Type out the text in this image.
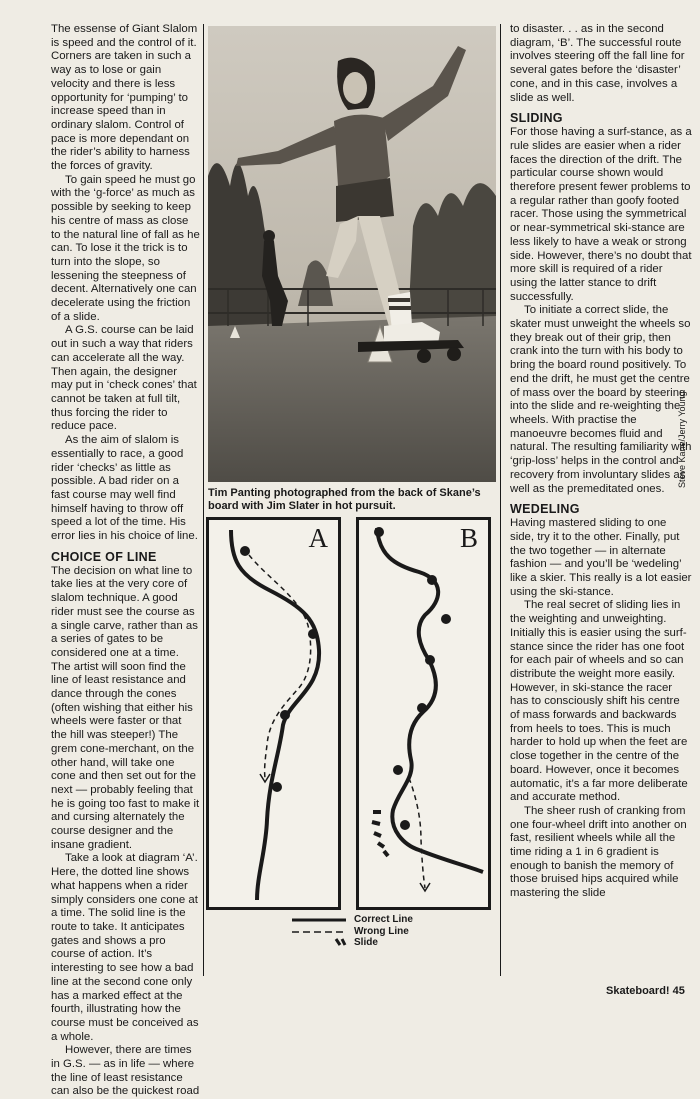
The essense of Giant Slalom is speed and the control of it. Corners are taken in such a way as to lose or gain velocity and there is less opportunity for ‘pumping’ to increase speed than in ordinary slalom. Control of pace is more dependant on the rider’s ability to harness the forces of gravity.

To gain speed he must go with the ‘g-force’ as much as possible by seeking to keep his centre of mass as close to the natural line of fall as he can. To lose it the trick is to turn into the slope, so lessening the steepness of decent. Alternatively one can decelerate using the friction of a slide.

A G.S. course can be laid out in such a way that riders can accelerate all the way. Then again, the designer may put in ‘check cones’ that cannot be taken at full tilt, thus forcing the rider to reduce pace.

As the aim of slalom is essentially to race, a good rider ‘checks’ as little as possible. A bad rider on a fast course may well find himself having to throw off speed a lot of the time. His error lies in his choice of line.

CHOICE OF LINE

The decision on what line to take lies at the very core of slalom technique. A good rider must see the course as a single carve, rather than as a series of gates to be considered one at a time. The artist will soon find the line of least resistance and dance through the cones (often wishing that either his wheels were faster or that the hill was steeper!) The grem cone-merchant, on the other hand, will take one cone and then set out for the next — probably feeling that he is going too fast to make it and cursing alternately the course designer and the insane gradient.

Take a look at diagram ‘A’. Here, the dotted line shows what happens when a rider simply considers one cone at a time. The solid line is the route to take. It anticipates gates and shows a pro course of action. It’s interesting to see how a bad line at the second cone only has a marked effect at the fourth, illustrating how the course must be conceived as a whole.

However, there are times in G.S. — as in life — where the line of least resistance can also be the quickest road

Tim Panting photographed from the back of Skane’s board with Jim Slater in hot pursuit.
A	B
Correct Line
Wrong Line
Slide

to disaster. . . as in the second diagram, ‘B’. The successful route involves steering off the fall line for several gates before the ‘disaster’ cone, and in this case, involves a slide as well.

SLIDING

For those having a surf-stance, as a rule slides are easier when a rider faces the direction of the drift. The particular course shown would therefore present fewer problems to a regular rather than goofy footed racer. Those using the symmetrical or near-symmetrical ski-stance are less likely to have a weak or strong side. However, there’s no doubt that more skill is required of a rider using the latter stance to drift successfully.

To initiate a correct slide, the skater must unweight the wheels so they break out of their grip, then crank into the turn with his body to bring the board round positively. To end the drift, he must get the centre of mass over the board by steering into the slide and re-weighting the wheels. With practise the manoeuvre becomes fluid and natural. The resulting familiarity with ‘grip-loss’ helps in the control and recovery from involuntary slides as well as the premeditated ones.

WEDELING

Having mastered sliding to one side, try it to the other. Finally, put the two together — in alternate fashion — and you’ll be ‘wedeling’ like a skier. This really is a lot easier using the ski-stance.

The real secret of sliding lies in the weighting and unweighting. Initially this is easier using the surf-stance since the rider has one foot for each pair of wheels and so can distribute the weight more easily. However, in ski-stance the racer has to consciously shift his centre of mass forwards and backwards from heels to toes. This is much harder to hold up when the feet are close together in the centre of the board. However, once it becomes automatic, it’s a far more deliberate and accurate method.

The sheer rush of cranking from one four-wheel drift into another on fast, resilient wheels while all the time riding a 1 in 6 gradient is enough to banish the memory of those bruised hips acquired while mastering the slide

Steve Kane/Jerry Young
Skateboard! 45
